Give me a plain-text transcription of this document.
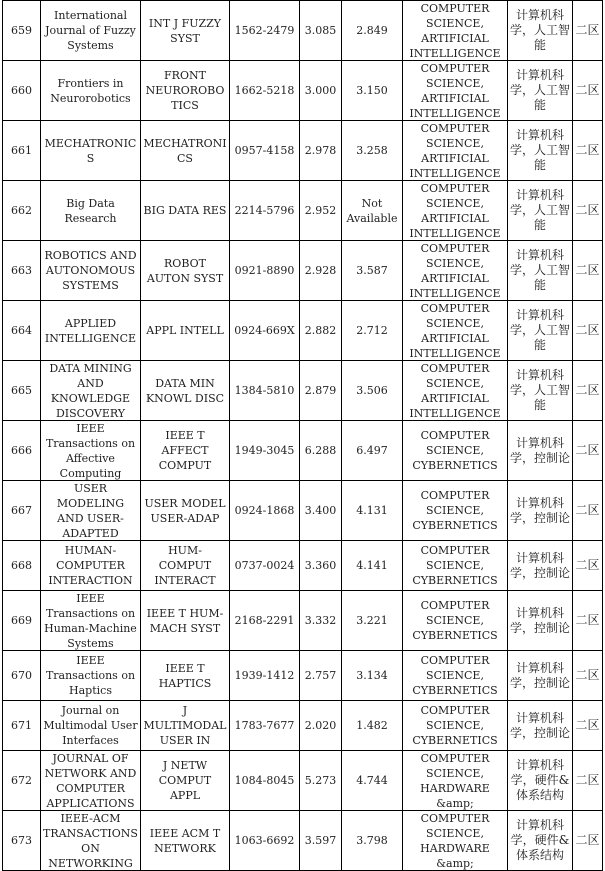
659	International Journal of Fuzzy Systems	INT J FUZZY SYST	1562-2479	3.085	2.849	COMPUTER SCIENCE, ARTIFICIAL INTELLIGENCE	计算机科学，人工智能	二区

660	Frontiers in Neurorobotics	FRONT NEUROROBOTICS	1662-5218	3.000	3.150	COMPUTER SCIENCE, ARTIFICIAL INTELLIGENCE	计算机科学，人工智能	二区

661	MECHATRONICS	MECHATRONICS	0957-4158	2.978	3.258	COMPUTER SCIENCE, ARTIFICIAL INTELLIGENCE	计算机科学，人工智能	二区

662	Big Data Research	BIG DATA RES	2214-5796	2.952	Not Available	COMPUTER SCIENCE, ARTIFICIAL INTELLIGENCE	计算机科学，人工智能	二区

663	ROBOTICS AND AUTONOMOUS SYSTEMS	ROBOT AUTON SYST	0921-8890	2.928	3.587	COMPUTER SCIENCE, ARTIFICIAL INTELLIGENCE	计算机科学，人工智能	二区

664	APPLIED INTELLIGENCE	APPL INTELL	0924-669X	2.882	2.712	COMPUTER SCIENCE, ARTIFICIAL INTELLIGENCE	计算机科学，人工智能	二区

665	DATA MINING AND KNOWLEDGE DISCOVERY	DATA MIN KNOWL DISC	1384-5810	2.879	3.506	COMPUTER SCIENCE, ARTIFICIAL INTELLIGENCE	计算机科学，人工智能	二区

666	IEEE Transactions on Affective Computing	IEEE T AFFECT COMPUT	1949-3045	6.288	6.497	COMPUTER SCIENCE, CYBERNETICS	计算机科学，控制论	二区

667	USER MODELING AND USER-ADAPTED	USER MODEL USER-ADAP	0924-1868	3.400	4.131	COMPUTER SCIENCE, CYBERNETICS	计算机科学，控制论	二区

668	HUMAN-COMPUTER INTERACTION	HUM-COMPUT INTERACT	0737-0024	3.360	4.141	COMPUTER SCIENCE, CYBERNETICS	计算机科学，控制论	二区

669	IEEE Transactions on Human-Machine Systems	IEEE T HUM-MACH SYST	2168-2291	3.332	3.221	COMPUTER SCIENCE, CYBERNETICS	计算机科学，控制论	二区

670	IEEE Transactions on Haptics	IEEE T HAPTICS	1939-1412	2.757	3.134	COMPUTER SCIENCE, CYBERNETICS	计算机科学，控制论	二区

671	Journal on Multimodal User Interfaces	J MULTIMODAL USER IN	1783-7677	2.020	1.482	COMPUTER SCIENCE, CYBERNETICS	计算机科学，控制论	二区

672	JOURNAL OF NETWORK AND COMPUTER APPLICATIONS	J NETW COMPUT APPL	1084-8045	5.273	4.744	COMPUTER SCIENCE, HARDWARE &amp;	计算机科学，硬件&体系结构	二区

673	IEEE-ACM TRANSACTIONS ON NETWORKING	IEEE ACM T NETWORK	1063-6692	3.597	3.798	COMPUTER SCIENCE, HARDWARE &amp;	计算机科学，硬件&体系结构	二区
